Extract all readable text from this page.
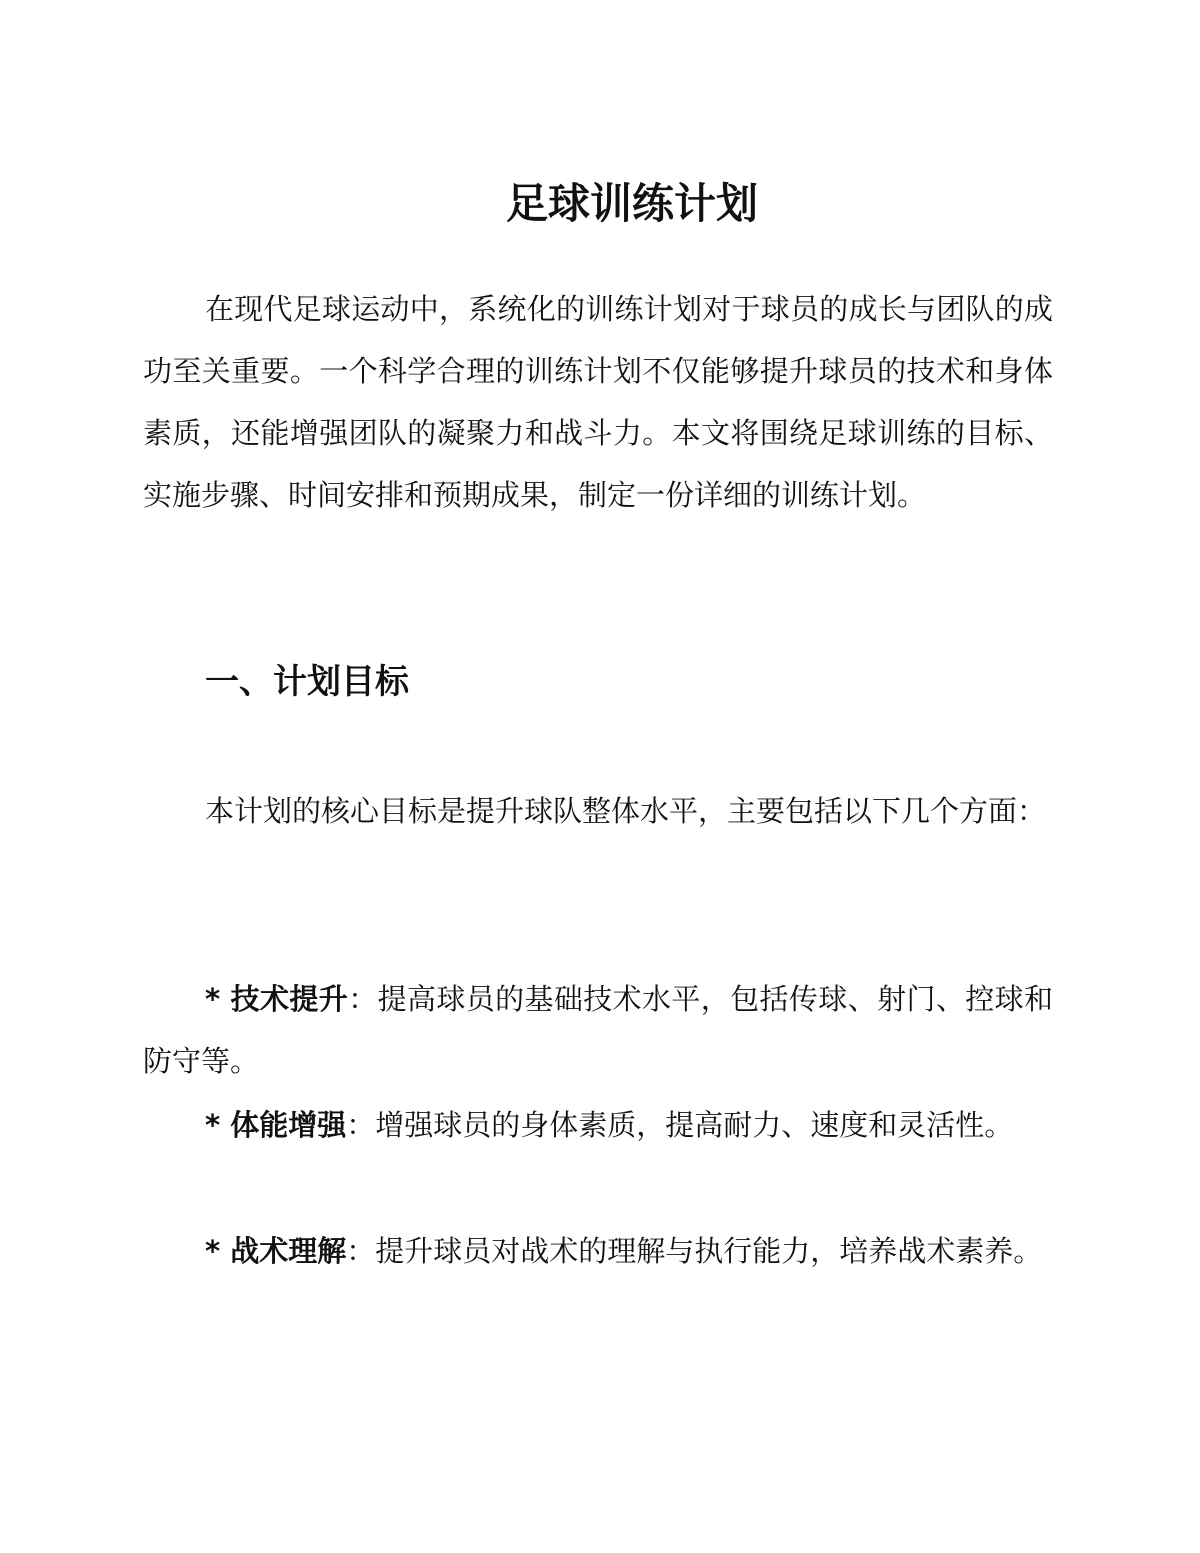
足球训练计划

在现代足球运动中，系统化的训练计划对于球员的成长与团队的成功至关重要。一个科学合理的训练计划不仅能够提升球员的技术和身体素质，还能增强团队的凝聚力和战斗力。本文将围绕足球训练的目标、实施步骤、时间安排和预期成果，制定一份详细的训练计划。

一、计划目标

本计划的核心目标是提升球队整体水平，主要包括以下几个方面：

* 技术提升：提高球员的基础技术水平，包括传球、射门、控球和防守等。

* 体能增强：增强球员的身体素质，提高耐力、速度和灵活性。

* 战术理解：提升球员对战术的理解与执行能力，培养战术素养。
